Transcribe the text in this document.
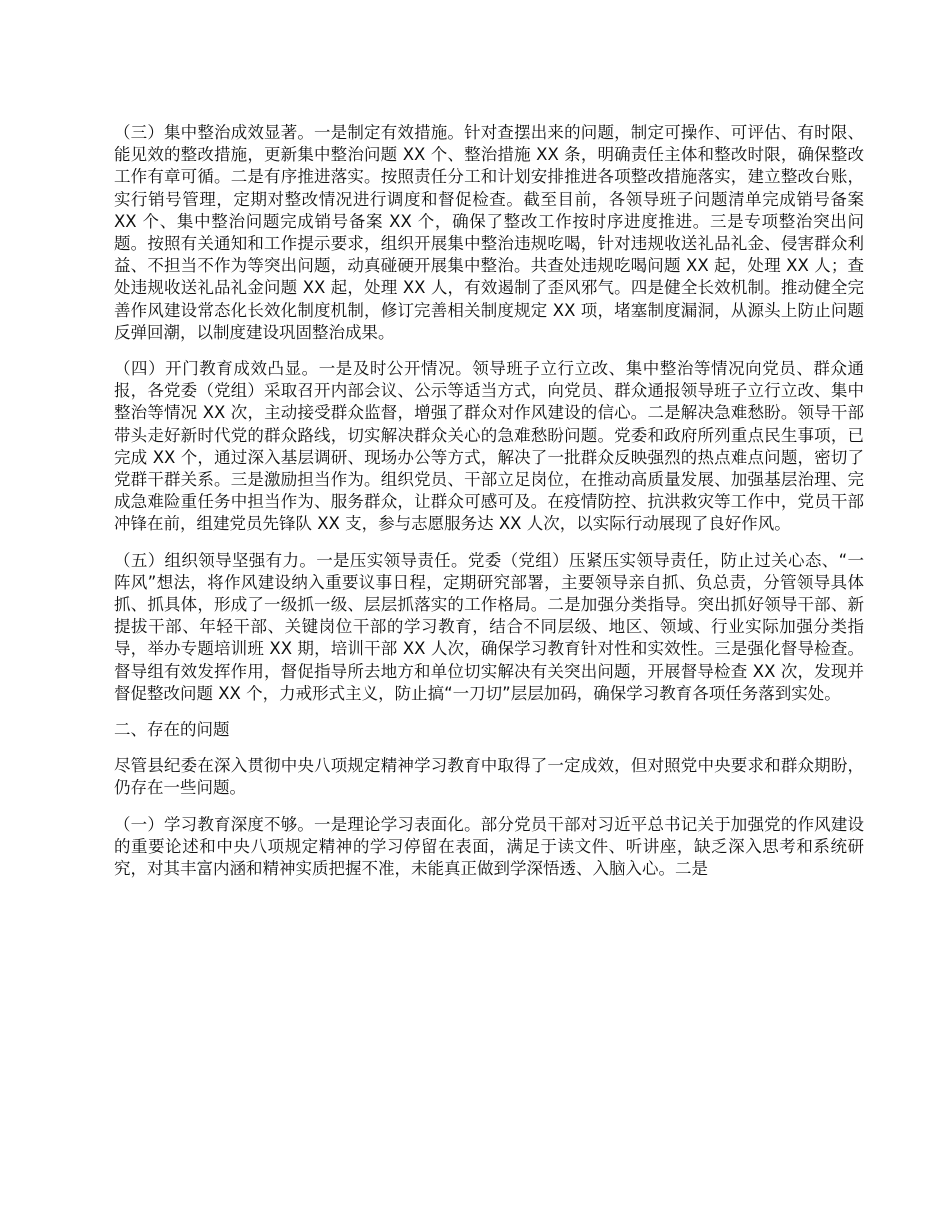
（三）集中整治成效显著。一是制定有效措施。针对查摆出来的问题，制定可操作、可评估、有时限、能见效的整改措施，更新集中整治问题 XX 个、整治措施 XX 条，明确责任主体和整改时限，确保整改工作有章可循。二是有序推进落实。按照责任分工和计划安排推进各项整改措施落实，建立整改台账，实行销号管理，定期对整改情况进行调度和督促检查。截至目前，各领导班子问题清单完成销号备案 XX 个、集中整治问题完成销号备案 XX 个，确保了整改工作按时序进度推进。三是专项整治突出问题。按照有关通知和工作提示要求，组织开展集中整治违规吃喝，针对违规收送礼品礼金、侵害群众利益、不担当不作为等突出问题，动真碰硬开展集中整治。共查处违规吃喝问题 XX 起，处理 XX 人；查处违规收送礼品礼金问题 XX 起，处理 XX 人，有效遏制了歪风邪气。四是健全长效机制。推动健全完善作风建设常态化长效化制度机制，修订完善相关制度规定 XX 项，堵塞制度漏洞，从源头上防止问题反弹回潮，以制度建设巩固整治成果。

（四）开门教育成效凸显。一是及时公开情况。领导班子立行立改、集中整治等情况向党员、群众通报，各党委（党组）采取召开内部会议、公示等适当方式，向党员、群众通报领导班子立行立改、集中整治等情况 XX 次，主动接受群众监督，增强了群众对作风建设的信心。二是解决急难愁盼。领导干部带头走好新时代党的群众路线，切实解决群众关心的急难愁盼问题。党委和政府所列重点民生事项，已完成 XX 个，通过深入基层调研、现场办公等方式，解决了一批群众反映强烈的热点难点问题，密切了党群干群关系。三是激励担当作为。组织党员、干部立足岗位，在推动高质量发展、加强基层治理、完成急难险重任务中担当作为、服务群众，让群众可感可及。在疫情防控、抗洪救灾等工作中，党员干部冲锋在前，组建党员先锋队 XX 支，参与志愿服务达 XX 人次，以实际行动展现了良好作风。

（五）组织领导坚强有力。一是压实领导责任。党委（党组）压紧压实领导责任，防止过关心态、“一阵风”想法，将作风建设纳入重要议事日程，定期研究部署，主要领导亲自抓、负总责，分管领导具体抓、抓具体，形成了一级抓一级、层层抓落实的工作格局。二是加强分类指导。突出抓好领导干部、新提拔干部、年轻干部、关键岗位干部的学习教育，结合不同层级、地区、领域、行业实际加强分类指导，举办专题培训班 XX 期，培训干部 XX 人次，确保学习教育针对性和实效性。三是强化督导检查。督导组有效发挥作用，督促指导所去地方和单位切实解决有关突出问题，开展督导检查 XX 次，发现并督促整改问题 XX 个，力戒形式主义，防止搞“一刀切”层层加码，确保学习教育各项任务落到实处。

二、存在的问题

尽管县纪委在深入贯彻中央八项规定精神学习教育中取得了一定成效，但对照党中央要求和群众期盼，仍存在一些问题。

（一）学习教育深度不够。一是理论学习表面化。部分党员干部对习近平总书记关于加强党的作风建设的重要论述和中央八项规定精神的学习停留在表面，满足于读文件、听讲座，缺乏深入思考和系统研究，对其丰富内涵和精神实质把握不准，未能真正做到学深悟透、入脑入心。二是
